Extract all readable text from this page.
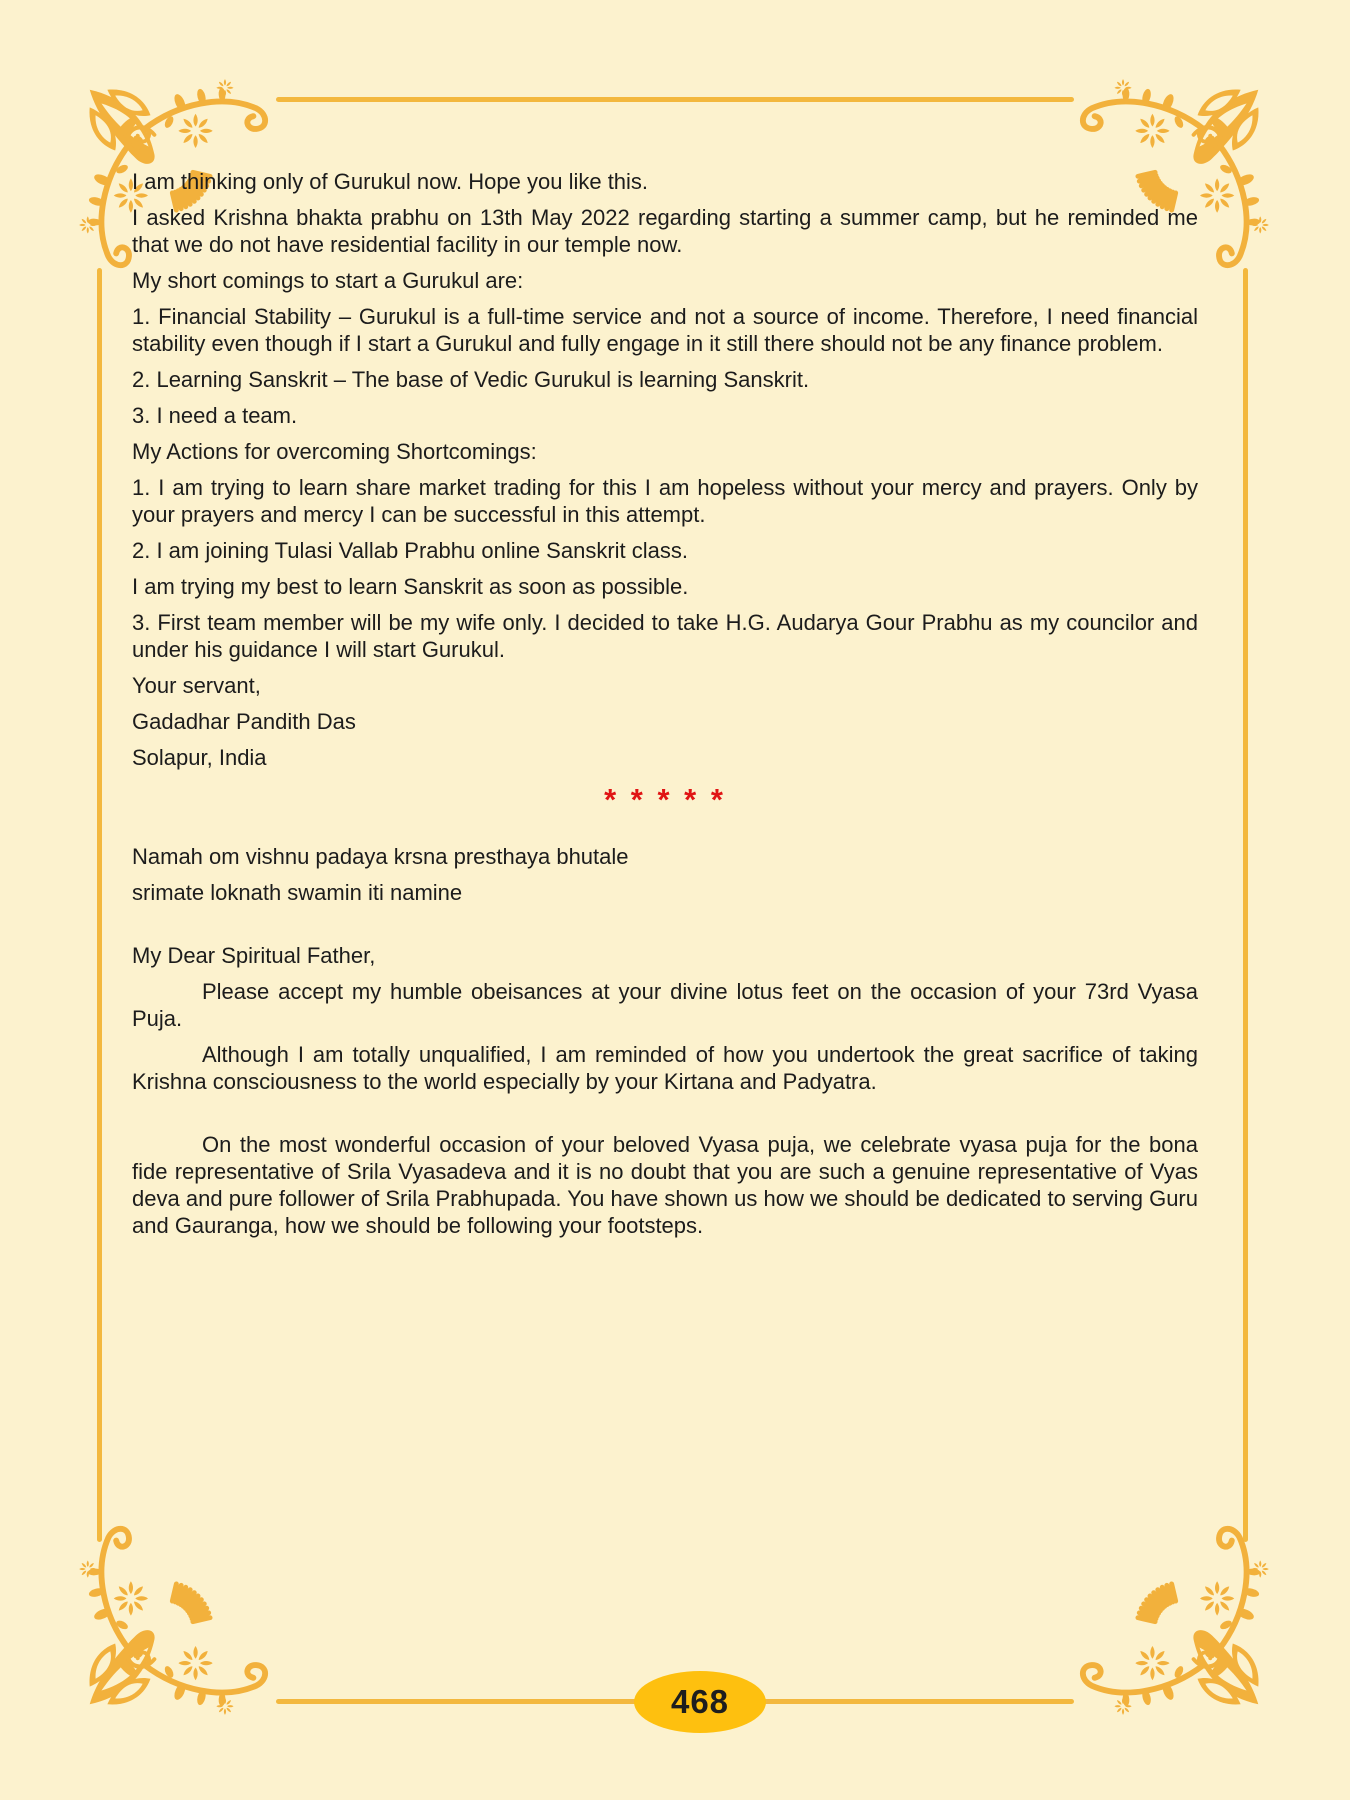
I am thinking only of Gurukul now. Hope you like this.

I asked Krishna bhakta prabhu on 13th May 2022 regarding starting a summer camp, but he reminded me that we do not have residential facility in our temple now.

My short comings to start a Gurukul are:

1. Financial Stability – Gurukul is a full-time service and not a source of income. Therefore, I need financial stability even though if I start a Gurukul and fully engage in it still there should not be any finance problem.

2. Learning Sanskrit – The base of Vedic Gurukul is learning Sanskrit.

3. I need a team.

My Actions for overcoming Shortcomings:

1. I am trying to learn share market trading for this I am hopeless without your mercy and prayers. Only by your prayers and mercy I can be successful in this attempt.

2. I am joining Tulasi Vallab Prabhu online Sanskrit class.

I am trying my best to learn Sanskrit as soon as possible.

3. First team member will be my wife only. I decided to take H.G. Audarya Gour Prabhu as my councilor and under his guidance I will start Gurukul.

Your servant,

Gadadhar Pandith Das

Solapur, India

* * * * *

Namah om vishnu padaya krsna presthaya bhutale

srimate loknath swamin iti namine

My Dear Spiritual Father,

Please accept my humble obeisances at your divine lotus feet on the occasion of your 73rd Vyasa Puja.

Although I am totally unqualified, I am reminded of how you undertook the great sacrifice of taking Krishna consciousness to the world especially by your Kirtana and Padyatra.

On the most wonderful occasion of your beloved Vyasa puja, we celebrate vyasa puja for the bona fide representative of Srila Vyasadeva and it is no doubt that you are such a genuine representative of Vyas deva and pure follower of Srila Prabhupada. You have shown us how we should be dedicated to serving Guru and Gauranga, how we should be following your footsteps.

468
